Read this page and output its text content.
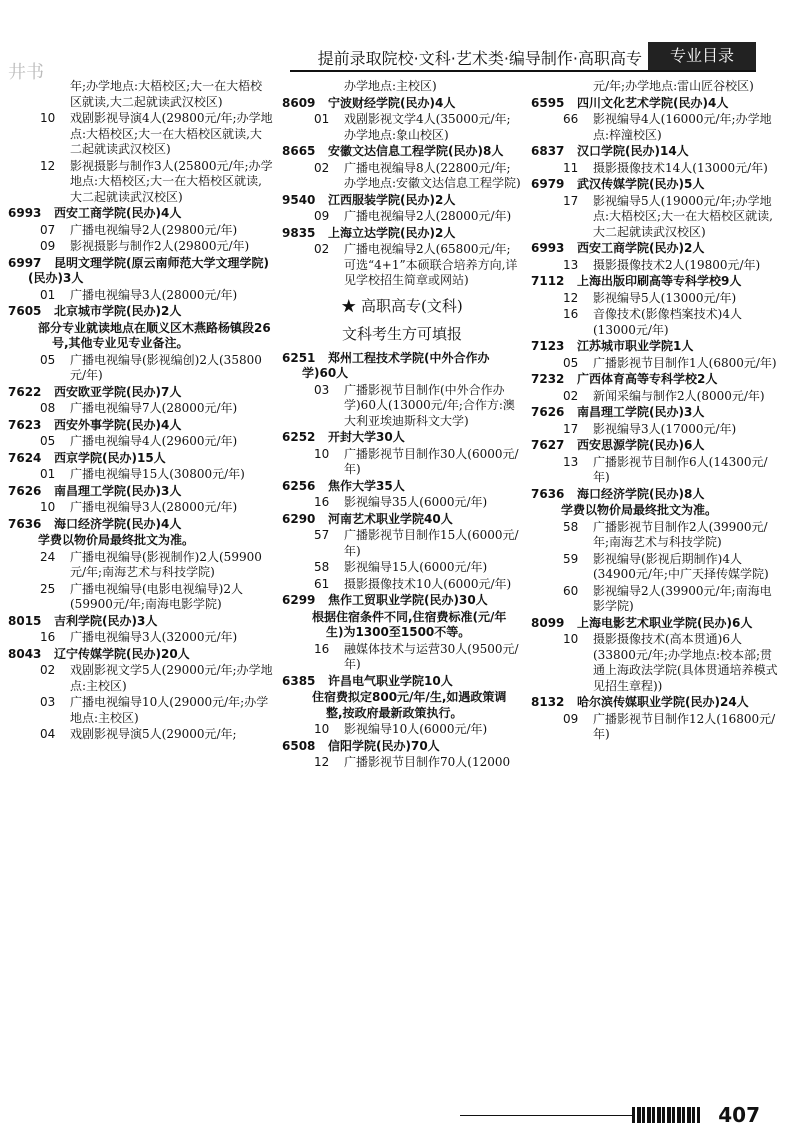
井书
提前录取院校·文科·艺术类·编导制作·高职高专	专业目录
年;办学地点:大梧校区;大一在大梧校区就读,大二起就读武汉校区)
10 戏剧影视导演4人(29800元/年;办学地点:大梧校区;大一在大梧校区就读,大二起就读武汉校区)
12 影视摄影与制作3人(25800元/年;办学地点:大梧校区;大一在大梧校区就读,大二起就读武汉校区)
6993 西安工商学院(民办)4人
07 广播电视编导2人(29800元/年)
09 影视摄影与制作2人(29800元/年)
6997 昆明文理学院(原云南师范大学文理学院)(民办)3人
01 广播电视编导3人(28000元/年)
7605 北京城市学院(民办)2人
部分专业就读地点在顺义区木燕路杨镇段26号,其他专业见专业备注。
05 广播电视编导(影视编创)2人(35800元/年)
7622 西安欧亚学院(民办)7人
08 广播电视编导7人(28000元/年)
7623 西安外事学院(民办)4人
05 广播电视编导4人(29600元/年)
7624 西京学院(民办)15人
01 广播电视编导15人(30800元/年)
7626 南昌理工学院(民办)3人
10 广播电视编导3人(28000元/年)
7636 海口经济学院(民办)4人
学费以物价局最终批文为准。
24 广播电视编导(影视制作)2人(59900元/年;南海艺术与科技学院)
25 广播电视编导(电影电视编导)2人(59900元/年;南海电影学院)
8015 吉利学院(民办)3人
16 广播电视编导3人(32000元/年)
8043 辽宁传媒学院(民办)20人
02 戏剧影视文学5人(29000元/年;办学地点:主校区)
03 广播电视编导10人(29000元/年;办学地点:主校区)
04 戏剧影视导演5人(29000元/年;
办学地点:主校区)
8609 宁波财经学院(民办)4人
01 戏剧影视文学4人(35000元/年;办学地点:象山校区)
8665 安徽文达信息工程学院(民办)8人
02 广播电视编导8人(22800元/年;办学地点:安徽文达信息工程学院)
9540 江西服装学院(民办)2人
09 广播电视编导2人(28000元/年)
9835 上海立达学院(民办)2人
02 广播电视编导2人(65800元/年;可选“4+1”本硕联合培养方向,详见学校招生简章或网站)
★ 高职高专(文科)
文科考生方可填报
6251 郑州工程技术学院(中外合作办学)60人
03 广播影视节目制作(中外合作办学)60人(13000元/年;合作方:澳大利亚埃迪斯科文大学)
6252 开封大学30人
10 广播影视节目制作30人(6000元/年)
6256 焦作大学35人
16 影视编导35人(6000元/年)
6290 河南艺术职业学院40人
57 广播影视节目制作15人(6000元/年)
58 影视编导15人(6000元/年)
61 摄影摄像技术10人(6000元/年)
6299 焦作工贸职业学院(民办)30人
根据住宿条件不同,住宿费标准(元/年生)为1300至1500不等。
16 融媒体技术与运营30人(9500元/年)
6385 许昌电气职业学院10人
住宿费拟定800元/年/生,如遇政策调整,按政府最新政策执行。
10 影视编导10人(6000元/年)
6508 信阳学院(民办)70人
12 广播影视节目制作70人(12000
元/年;办学地点:雷山匠谷校区)
6595 四川文化艺术学院(民办)4人
66 影视编导4人(16000元/年;办学地点:梓潼校区)
6837 汉口学院(民办)14人
11 摄影摄像技术14人(13000元/年)
6979 武汉传媒学院(民办)5人
17 影视编导5人(19000元/年;办学地点:大梧校区;大一在大梧校区就读,大二起就读武汉校区)
6993 西安工商学院(民办)2人
13 摄影摄像技术2人(19800元/年)
7112 上海出版印刷高等专科学校9人
12 影视编导5人(13000元/年)
16 音像技术(影像档案技术)4人(13000元/年)
7123 江苏城市职业学院1人
05 广播影视节目制作1人(6800元/年)
7232 广西体育高等专科学校2人
02 新闻采编与制作2人(8000元/年)
7626 南昌理工学院(民办)3人
17 影视编导3人(17000元/年)
7627 西安思源学院(民办)6人
13 广播影视节目制作6人(14300元/年)
7636 海口经济学院(民办)8人
学费以物价局最终批文为准。
58 广播影视节目制作2人(39900元/年;南海艺术与科技学院)
59 影视编导(影视后期制作)4人(34900元/年;中广天择传媒学院)
60 影视编导2人(39900元/年;南海电影学院)
8099 上海电影艺术职业学院(民办)6人
10 摄影摄像技术(高本贯通)6人(33800元/年;办学地点:校本部;贯通上海政法学院(具体贯通培养模式见招生章程))
8132 哈尔滨传媒职业学院(民办)24人
09 广播影视节目制作12人(16800元/年)
407
